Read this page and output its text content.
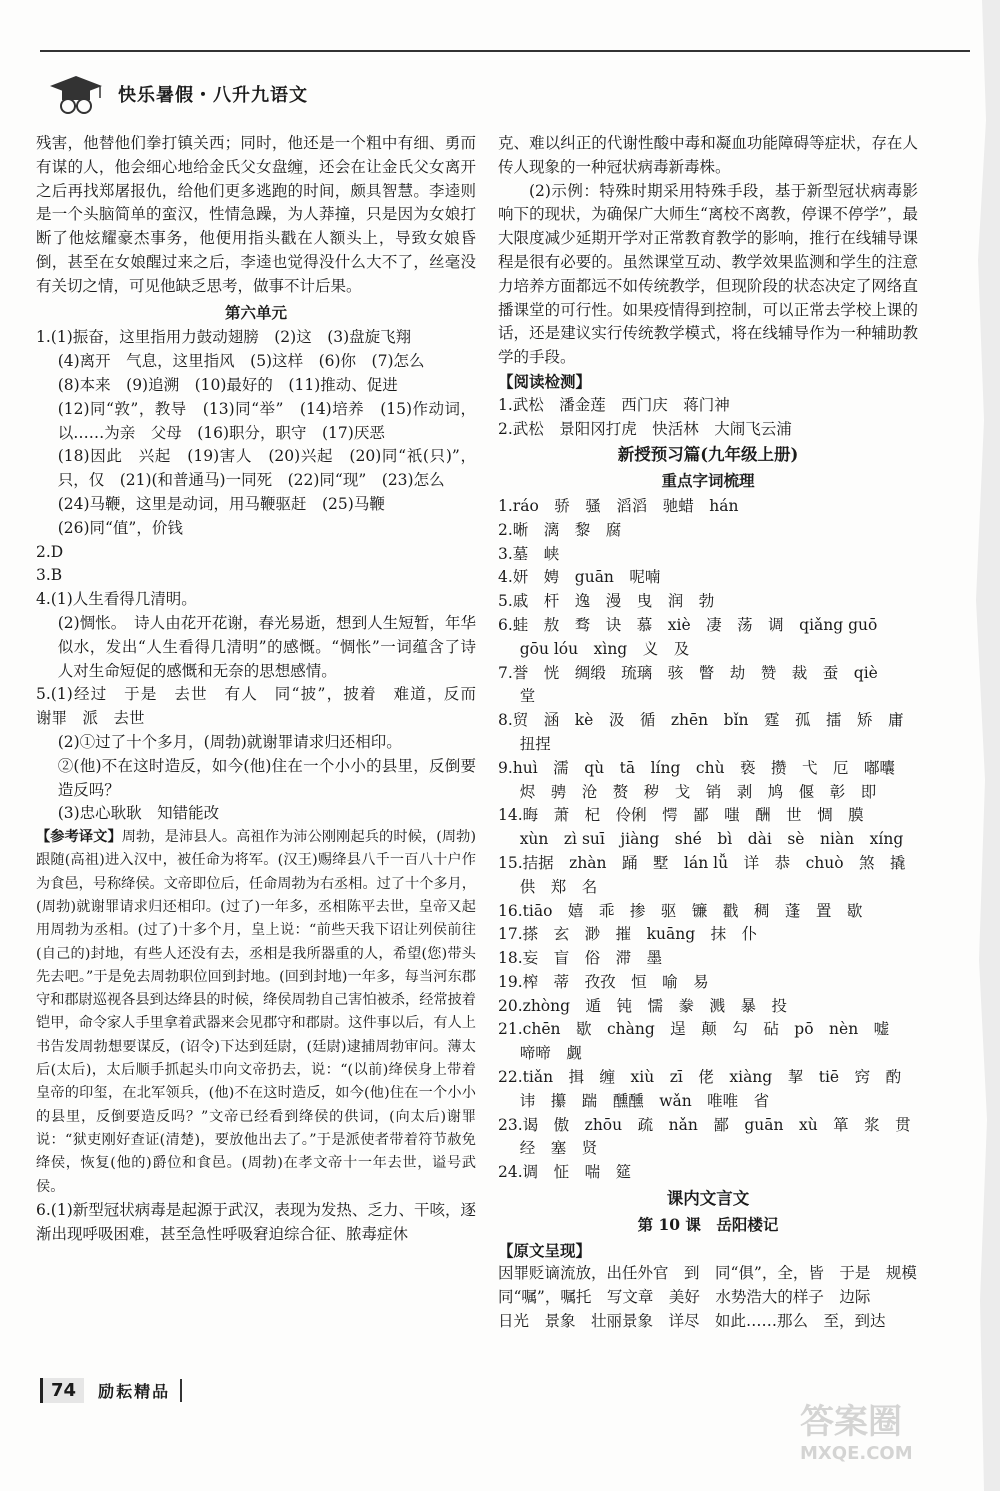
快乐暑假・八升九语文

残害，他替他们拳打镇关西；同时，他还是一个粗中有细、勇而有谋的人，他会细心地给金氏父女盘缠，还会在让金氏父女离开之后再找郑屠报仇，给他们更多逃跑的时间，颇具智慧。李逵则是一个头脑简单的蛮汉，性情急躁，为人莽撞，只是因为女娘打断了他炫耀豪杰事务，他便用指头戳在人额头上，导致女娘昏倒，甚至在女娘醒过来之后，李逵也觉得没什么大不了，丝毫没有关切之情，可见他缺乏思考，做事不计后果。

第六单元

1.(1)振奋，这里指用力鼓动翅膀　(2)这　(3)盘旋飞翔

(4)离开　气息，这里指风　(5)这样　(6)你　(7)怎么

(8)本来　(9)追溯　(10)最好的　(11)推动、促进

(12)同“敦”，教导　(13)同“举”　(14)培养　(15)作动词，以……为亲　父母　(16)职分，职守　(17)厌恶

(18)因此　兴起　(19)害人　(20)兴起　(20)同“祇(只)”，只，仅　(21)(和普通马)一同死　(22)同“现”　(23)怎么

(24)马鞭，这里是动词，用马鞭驱赶　(25)马鞭

(26)同“值”，价钱

2.D

3.B

4.(1)人生看得几清明。

(2)惆怅。　诗人由花开花谢，春光易逝，想到人生短暂，年华似水，发出“人生看得几清明”的感慨。“惆怅”一词蕴含了诗人对生命短促的感慨和无奈的思想感情。

5.(1)经过　于是　去世　有人　同“披”，披着　难道，反而　谢罪　派　去世

(2)①过了十个多月，(周勃)就谢罪请求归还相印。

②(他)不在这时造反，如今(他)住在一个小小的县里，反倒要造反吗？

(3)忠心耿耿　知错能改

【参考译文】周勃，是沛县人。高祖作为沛公刚刚起兵的时候，(周勃)跟随(高祖)进入汉中，被任命为将军。(汉王)赐绛县八千一百八十户作为食邑，号称绛侯。文帝即位后，任命周勃为右丞相。过了十个多月，(周勃)就谢罪请求归还相印。(过了)一年多，丞相陈平去世，皇帝又起用周勃为丞相。(过了)十多个月，皇上说：“前些天我下诏让列侯前往(自己的)封地，有些人还没有去，丞相是我所器重的人，希望(您)带头先去吧。”于是免去周勃职位回到封地。(回到封地)一年多，每当河东郡守和郡尉巡视各县到达绛县的时候，绛侯周勃自己害怕被杀，经常披着铠甲，命令家人手里拿着武器来会见郡守和郡尉。这件事以后，有人上书告发周勃想要谋反，(诏令)下达到廷尉，(廷尉)逮捕周勃审问。薄太后(太后)，太后顺手抓起头巾向文帝扔去，说：“(以前)绛侯身上带着皇帝的印玺，在北军领兵，(他)不在这时造反，如今(他)住在一个小小的县里，反倒要造反吗？”文帝已经看到绛侯的供词，(向太后)谢罪说：“狱吏刚好查证(清楚)，要放他出去了。”于是派使者带着符节赦免绛侯，恢复(他的)爵位和食邑。(周勃)在孝文帝十一年去世，谥号武侯。

6.(1)新型冠状病毒是起源于武汉，表现为发热、乏力、干咳，逐渐出现呼吸困难，甚至急性呼吸窘迫综合征、脓毒症休

克、难以纠正的代谢性酸中毒和凝血功能障碍等症状，存在人传人现象的一种冠状病毒新毒株。

(2)示例：特殊时期采用特殊手段，基于新型冠状病毒影响下的现状，为确保广大师生“离校不离教，停课不停学”，最大限度减少延期开学对正常教育教学的影响，推行在线辅导课程是很有必要的。虽然课堂互动、教学效果监测和学生的注意力培养方面都远不如传统教学，但现阶段的状态决定了网络直播课堂的可行性。如果疫情得到控制，可以正常去学校上课的话，还是建议实行传统教学模式，将在线辅导作为一种辅助教学的手段。

【阅读检测】

1.武松　潘金莲　西门庆　蒋门神

2.武松　景阳冈打虎　快活林　大闹飞云浦

新授预习篇(九年级上册)

重点字词梳理

1.ráo　骄　骚　滔滔　驰蜡　hán

2.晰　漓　黎　腐

3.墓　峡

4.妍　娉　guān　呢喃

5.戚　杆　逸　漫　曳　润　勃

6.蛙　敖　骛　诀　慕　xiè　凄　荡　调　qiǎng guō

gōu lóu　xìng　义　及

7.誉　恍　绸缎　琉璃　骇　瞥　劫　赞　裁　蚕　qiè

堂

8.贸　涵　kè　汲　循　zhēn　bǐn　霆　孤　擂　矫　庸

扭捏

9.huì　濡　qù　tā　líng　chù　亵　攒　弋　厄　嘟囔

烬　骋　沧　赘　秽　戈　销　剥　鸠　偃　彰　即

14.晦　萧　杞　伶俐　愕　鄙　嗤　酬　世　惆　膜

xùn　zì suī　jiàng　shé　bì　dài　sè　niàn　xíng

15.拮据　zhàn　踊　墅　lán lǚ　详　恭　chuò　煞　撬

供　郑　名

16.tiāo　嬉　乖　掺　驱　镰　戳　稠　蓬　置　歇

17.搽　玄　渺　摧　kuāng　抹　仆

18.妄　盲　俗　滞　墨

19.榨　蒂　孜孜　恒　喻　易

20.zhòng　遁　钝　懦　豢　溅　暴　投

21.chēn　歇　chàng　逞　颠　勾　砧　pō　nèn　嘘

啼啼　觑

22.tiǎn　揖　缠　xiù　zī　佬　xiàng　挈　tiē　窍　酌

讳　攥　踹　醺醺　wǎn　唯唯　省

23.谒　傲　zhōu　疏　nǎn　鄙　guān　xù　箪　浆　贯

经　塞　贤

24.调　怔　喘　筵

课内文言文

第 10 课　岳阳楼记

【原文呈现】

因罪贬谪流放，出任外官　到　同“俱”，全，皆　于是　规模

同“嘱”，嘱托　写文章　美好　水势浩大的样子　边际

日光　景象　壮丽景象　详尽　如此……那么　至，到达

74	励耘精品
答案圈
MXQE.COM
